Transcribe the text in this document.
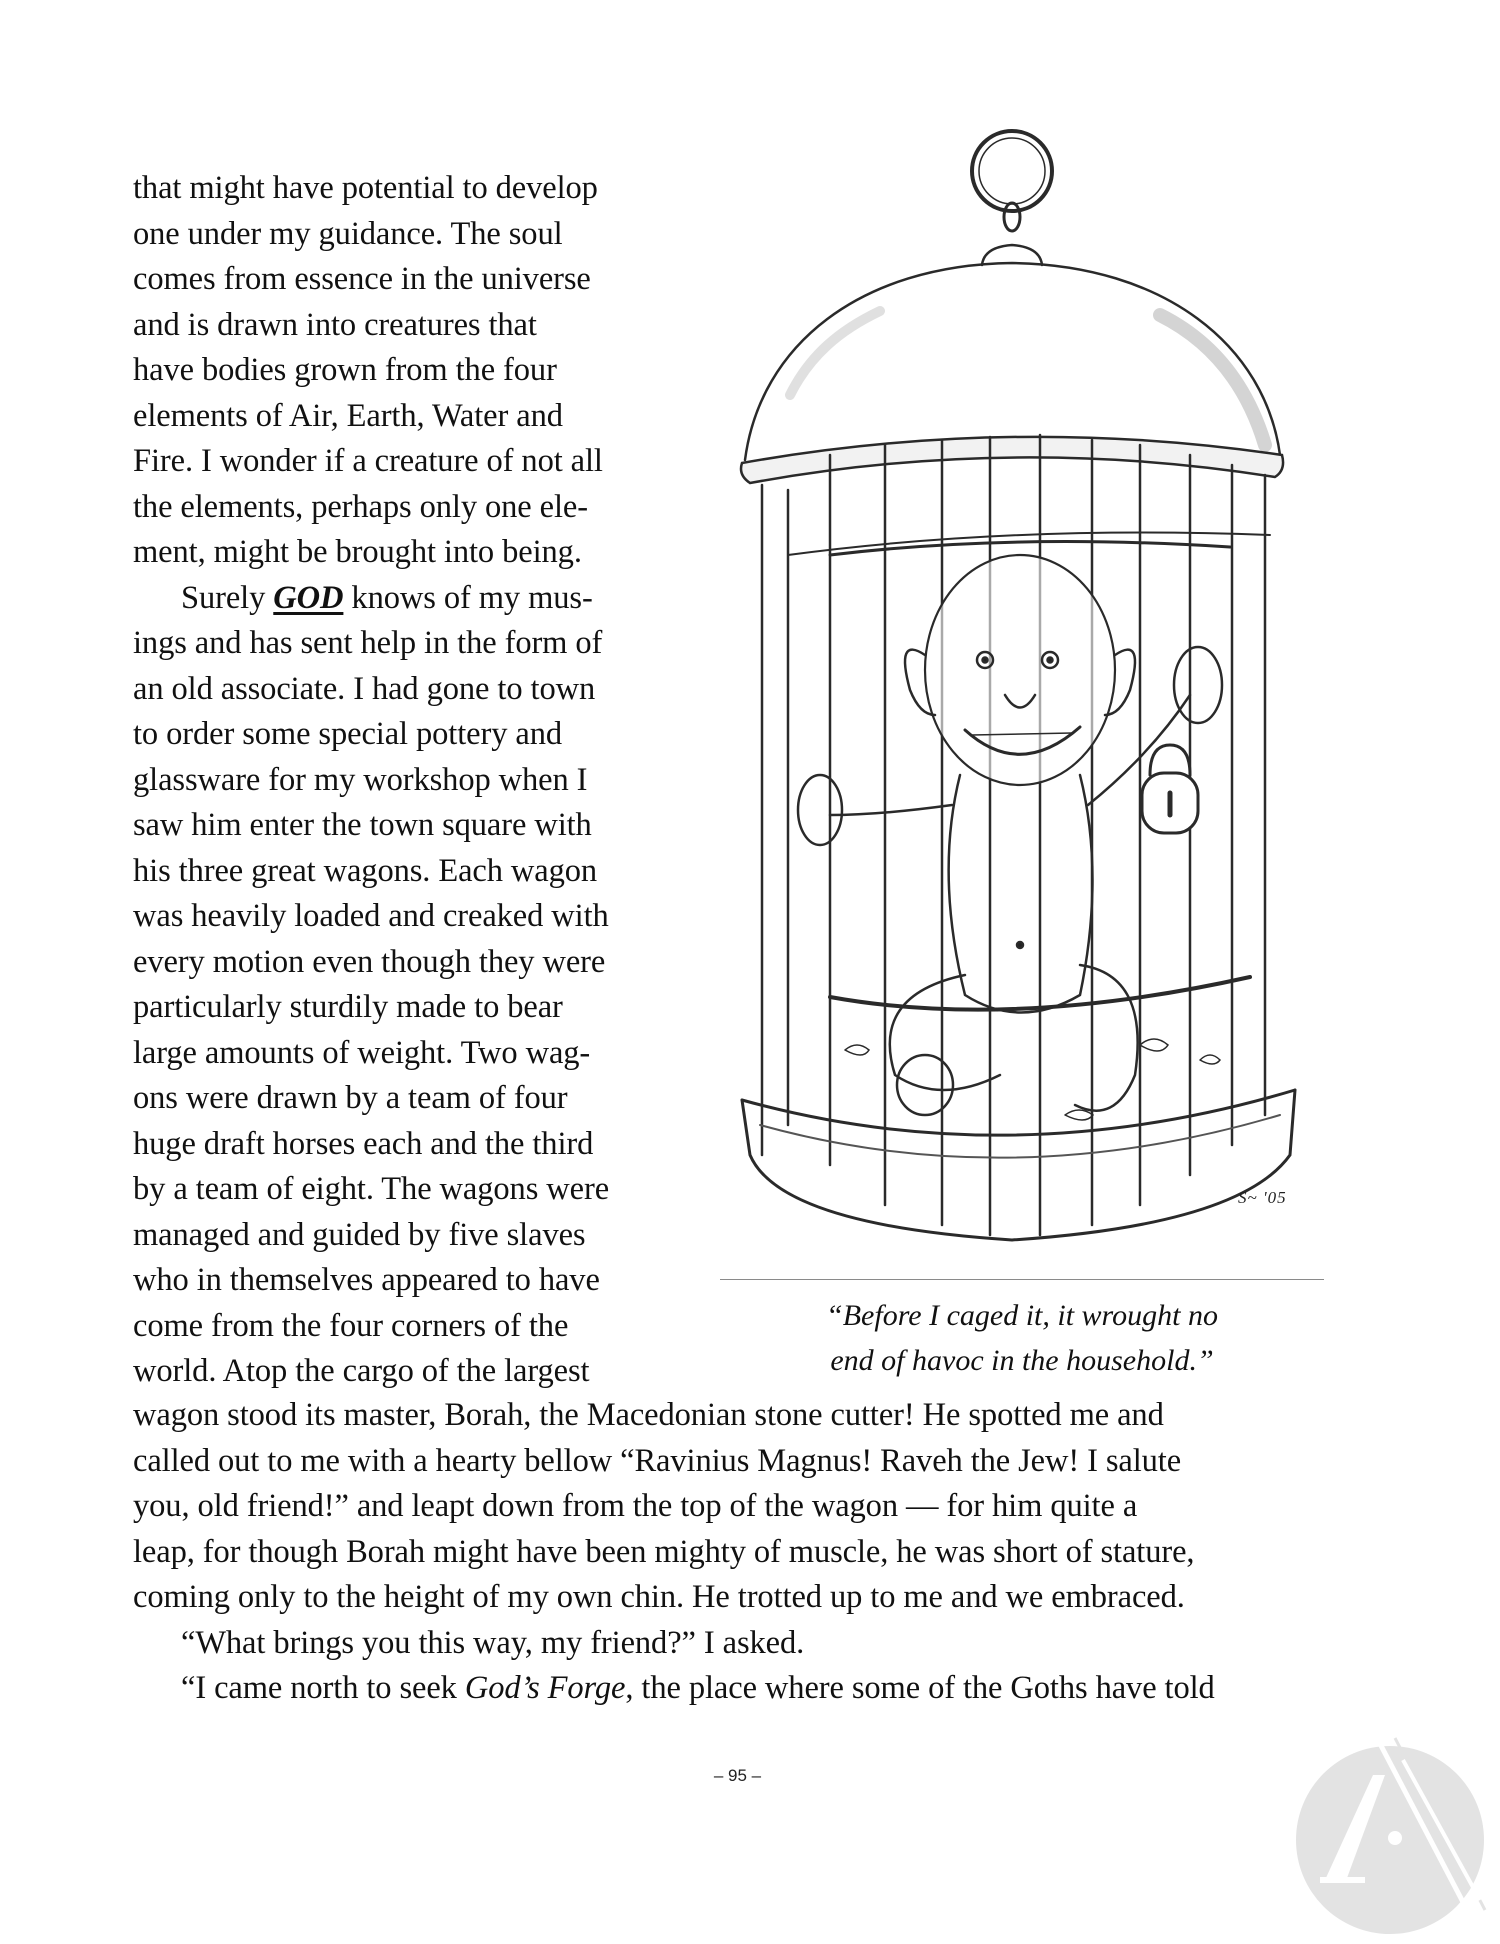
that might have potential to develop
one under my guidance. The soul
comes from essence in the universe
and is drawn into creatures that
have bodies grown from the four
elements of Air, Earth, Water and
Fire. I wonder if a creature of not all
the elements, perhaps only one ele-
ment, might be brought into being.
Surely GOD knows of my mus-
ings and has sent help in the form of
an old associate. I had gone to town
to order some special pottery and
glassware for my workshop when I
saw him enter the town square with
his three great wagons. Each wagon
was heavily loaded and creaked with
every motion even though they were
particularly sturdily made to bear
large amounts of weight. Two wag-
ons were drawn by a team of four
huge draft horses each and the third
by a team of eight. The wagons were
managed and guided by five slaves
who in themselves appeared to have
come from the four corners of the
world. Atop the cargo of the largest
S~ '05
“Before I caged it, it wrought no
end of havoc in the household.”
wagon stood its master, Borah, the Macedonian stone cutter! He spotted me and
called out to me with a hearty bellow “Ravinius Magnus! Raveh the Jew! I salute
you, old friend!” and leapt down from the top of the wagon — for him quite a
leap, for though Borah might have been mighty of muscle, he was short of stature,
coming only to the height of my own chin. He trotted up to me and we embraced.
“What brings you this way, my friend?” I asked.
“I came north to seek God’s Forge, the place where some of the Goths have told
– 95 –
